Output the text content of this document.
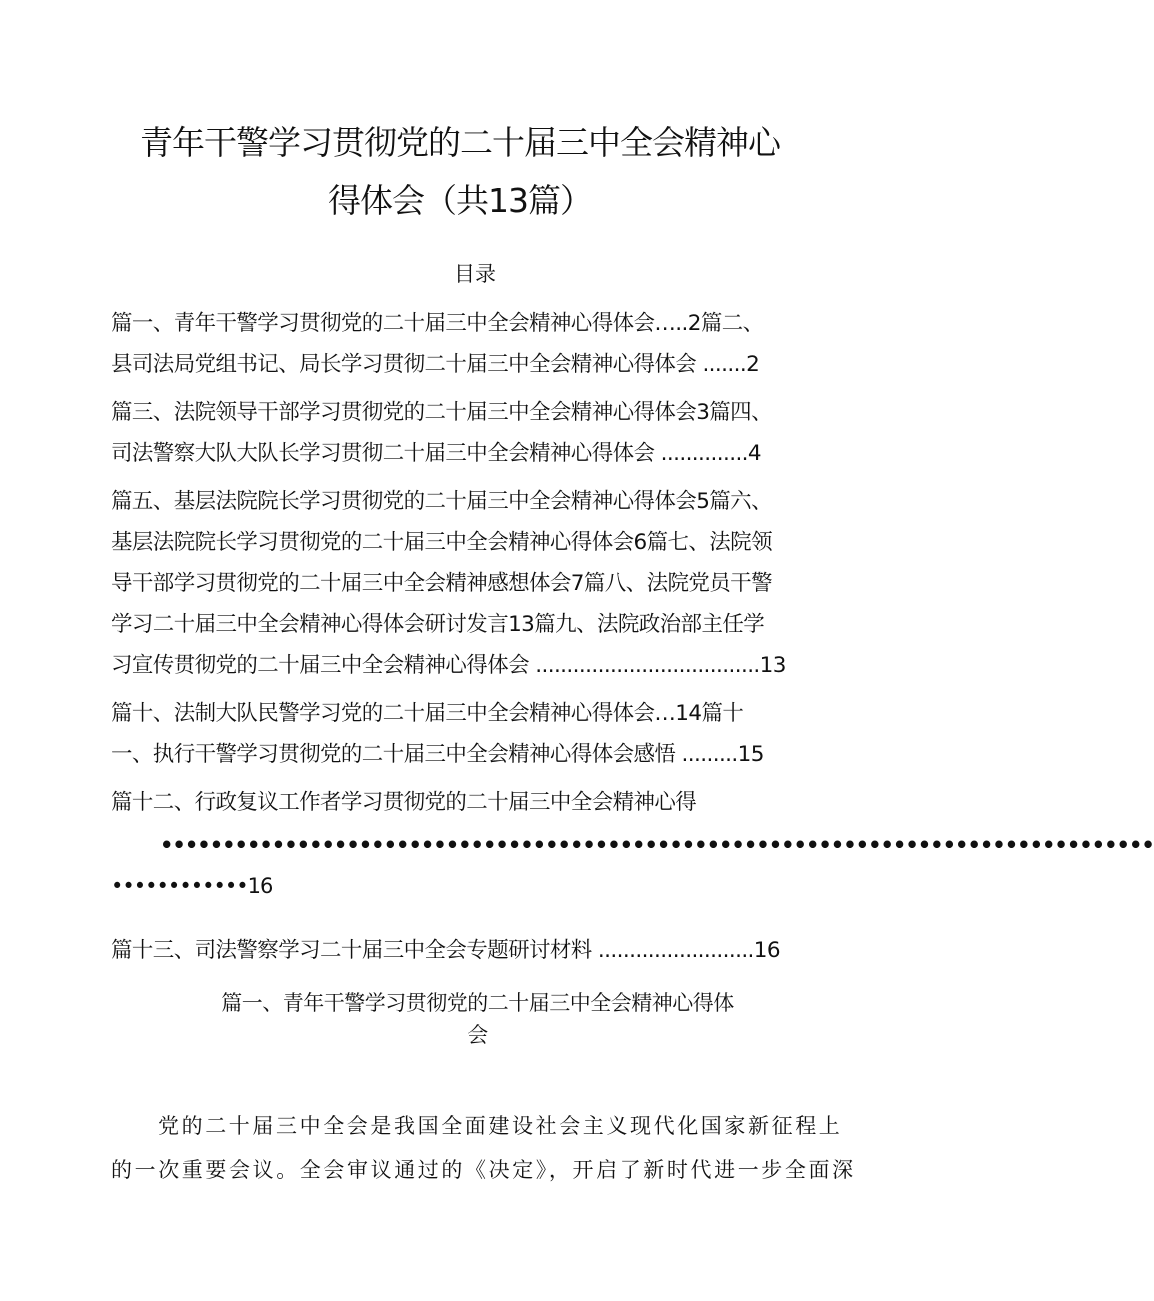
青年干警学习贯彻党的二十届三中全会精神心
得体会（共13篇）
目录
篇一、青年干警学习贯彻党的二十届三中全会精神心得体会…..2篇二、
县司法局党组书记、局长学习贯彻二十届三中全会精神心得体会 .......2
篇三、法院领导干部学习贯彻党的二十届三中全会精神心得体会3篇四、
司法警察大队大队长学习贯彻二十届三中全会精神心得体会 ..............4
篇五、基层法院院长学习贯彻党的二十届三中全会精神心得体会5篇六、
基层法院院长学习贯彻党的二十届三中全会精神心得体会6篇七、法院领
导干部学习贯彻党的二十届三中全会精神感想体会7篇八、法院党员干警
学习二十届三中全会精神心得体会研讨发言13篇九、法院政治部主任学
习宣传贯彻党的二十届三中全会精神心得体会 ....................................13
篇十、法制大队民警学习党的二十届三中全会精神心得体会…14篇十
一、执行干警学习贯彻党的二十届三中全会精神心得体会感悟 .........15
篇十二、行政复议工作者学习贯彻党的二十届三中全会精神心得
••••••••••••••••••••••••••••••••••••••••••••••••••••••••••••••••••••••••••••••••
••••••••••••16
篇十三、司法警察学习二十届三中全会专题研讨材料 .........................16
篇一、青年干警学习贯彻党的二十届三中全会精神心得体
会
党的二十届三中全会是我国全面建设社会主义现代化国家新征程上
的一次重要会议。全会审议通过的《决定》，开启了新时代进一步全面深
